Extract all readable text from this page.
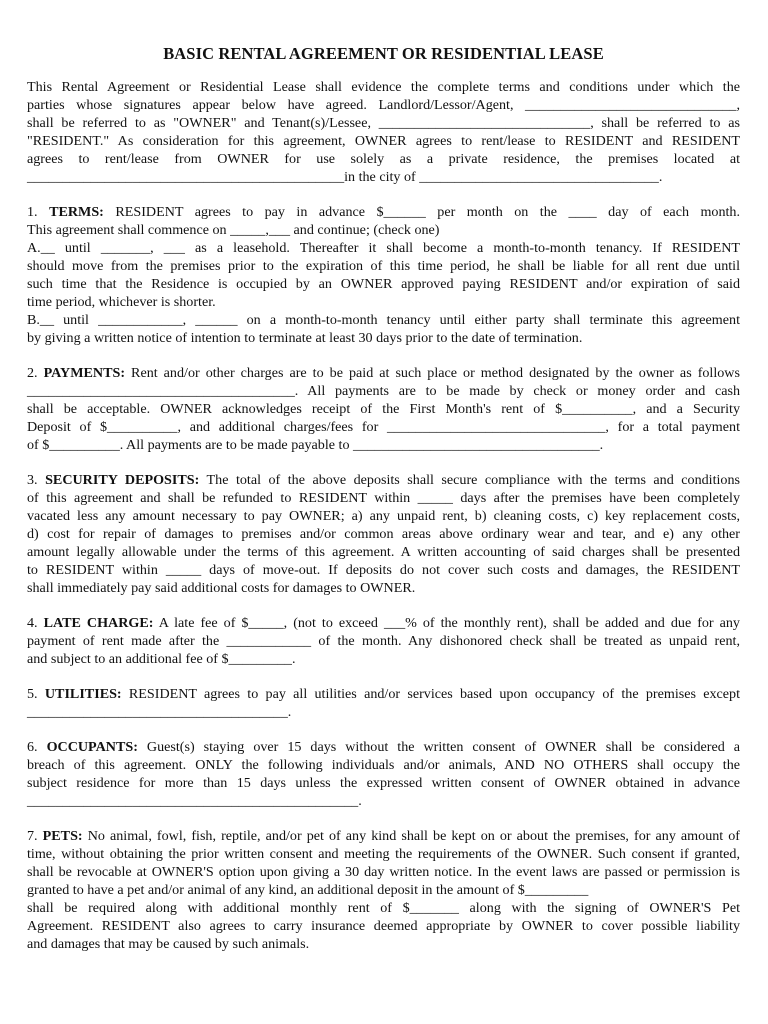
BASIC RENTAL AGREEMENT OR RESIDENTIAL LEASE
This Rental Agreement or Residential Lease shall evidence the complete terms and conditions under which the
parties whose signatures appear below have agreed. Landlord/Lessor/Agent, ______________________________,
shall be referred to as "OWNER" and Tenant(s)/Lessee, ______________________________, shall be referred to as
"RESIDENT." As consideration for this agreement, OWNER agrees to rent/lease to RESIDENT and RESIDENT
agrees to rent/lease from OWNER for use solely as a private residence, the premises located at
_____________________________________________in the city of __________________________________.
1. TERMS: RESIDENT agrees to pay in advance $______ per month on the ____ day of each month.
This agreement shall commence on _____,___ and continue; (check one)
A.__ until _______, ___ as a leasehold. Thereafter it shall become a month-to-month tenancy. If RESIDENT
should move from the premises prior to the expiration of this time period, he shall be liable for all rent due until
such time that the Residence is occupied by an OWNER approved paying RESIDENT and/or expiration of said
time period, whichever is shorter.
B.__ until ____________, ______ on a month-to-month tenancy until either party shall terminate this agreement
by giving a written notice of intention to terminate at least 30 days prior to the date of termination.
2. PAYMENTS: Rent and/or other charges are to be paid at such place or method designated by the owner as follows
______________________________________. All payments are to be made by check or money order and cash
shall be acceptable. OWNER acknowledges receipt of the First Month's rent of $__________, and a Security
Deposit of $__________, and additional charges/fees for _______________________________, for a total payment
of $__________. All payments are to be made payable to ___________________________________.
3. SECURITY DEPOSITS: The total of the above deposits shall secure compliance with the terms and conditions
of this agreement and shall be refunded to RESIDENT within _____ days after the premises have been completely
vacated less any amount necessary to pay OWNER; a) any unpaid rent, b) cleaning costs, c) key replacement costs,
d) cost for repair of damages to premises and/or common areas above ordinary wear and tear, and e) any other
amount legally allowable under the terms of this agreement. A written accounting of said charges shall be presented
to RESIDENT within _____ days of move-out. If deposits do not cover such costs and damages, the RESIDENT
shall immediately pay said additional costs for damages to OWNER.
4. LATE CHARGE: A late fee of $_____, (not to exceed ___% of the monthly rent), shall be added and due for any
payment of rent made after the ____________ of the month. Any dishonored check shall be treated as unpaid rent,
and subject to an additional fee of $_________.
5. UTILITIES: RESIDENT agrees to pay all utilities and/or services based upon occupancy of the premises except
_____________________________________.
6. OCCUPANTS: Guest(s) staying over 15 days without the written consent of OWNER shall be considered a
breach of this agreement. ONLY the following individuals and/or animals, AND NO OTHERS shall occupy the
subject residence for more than 15 days unless the expressed written consent of OWNER obtained in advance
_______________________________________________.
7. PETS: No animal, fowl, fish, reptile, and/or pet of any kind shall be kept on or about the premises, for any amount of
time, without obtaining the prior written consent and meeting the requirements of the OWNER. Such consent if granted,
shall be revocable at OWNER'S option upon giving a 30 day written notice. In the event laws are passed or permission is
granted to have a pet and/or animal of any kind, an additional deposit in the amount of $_________
shall be required along with additional monthly rent of $_______ along with the signing of OWNER'S Pet
Agreement. RESIDENT also agrees to carry insurance deemed appropriate by OWNER to cover possible liability
and damages that may be caused by such animals.
